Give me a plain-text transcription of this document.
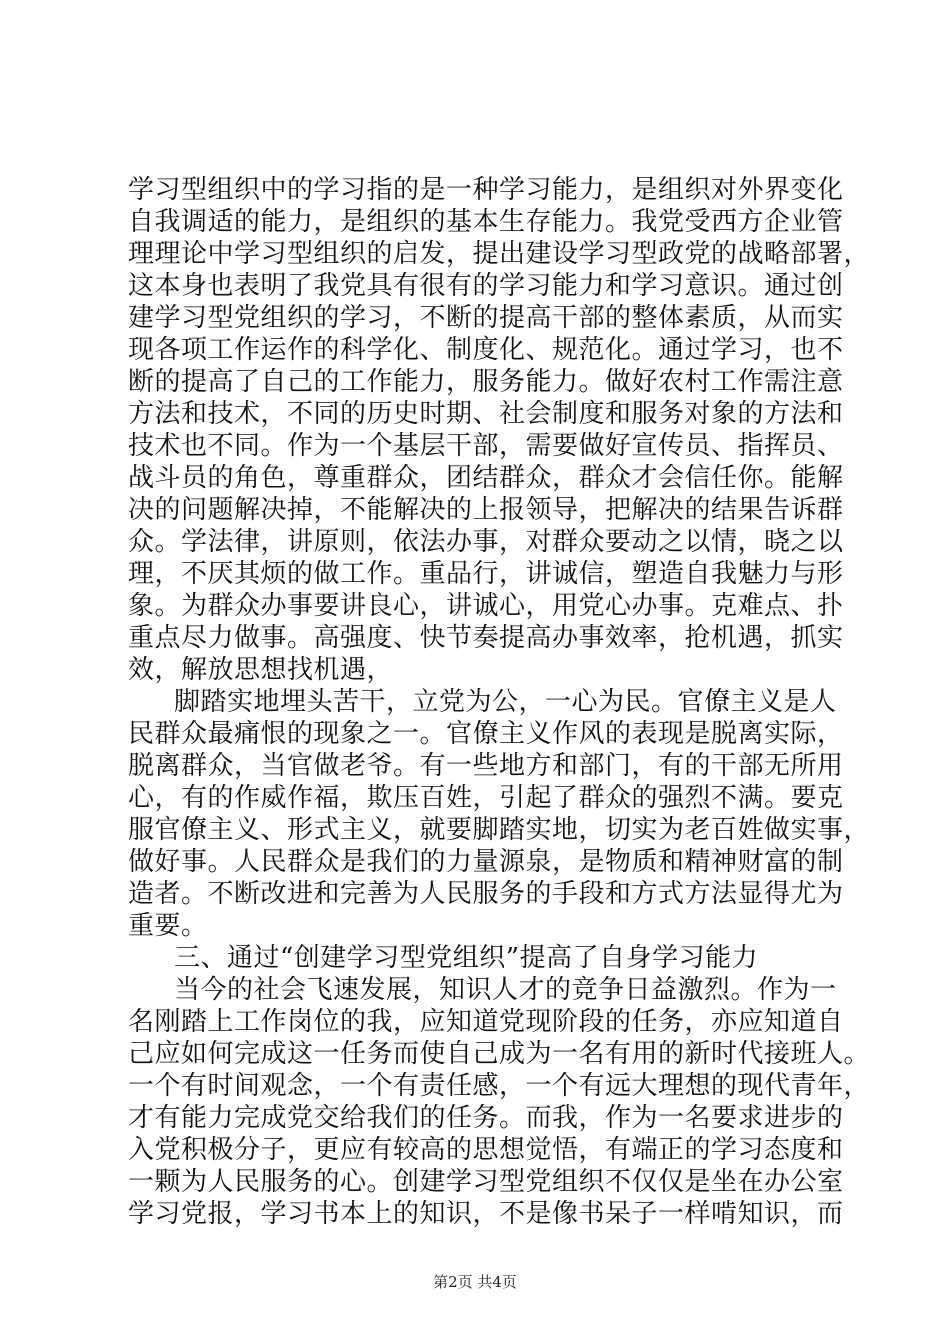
学习型组织中的学习指的是一种学习能力，是组织对外界变化
自我调适的能力，是组织的基本生存能力。我党受西方企业管
理理论中学习型组织的启发，提出建设学习型政党的战略部署，
这本身也表明了我党具有很有的学习能力和学习意识。通过创
建学习型党组织的学习，不断的提高干部的整体素质，从而实
现各项工作运作的科学化、制度化、规范化。通过学习，也不
断的提高了自己的工作能力，服务能力。做好农村工作需注意
方法和技术，不同的历史时期、社会制度和服务对象的方法和
技术也不同。作为一个基层干部，需要做好宣传员、指挥员、
战斗员的角色，尊重群众，团结群众，群众才会信任你。能解
决的问题解决掉，不能解决的上报领导，把解决的结果告诉群
众。学法律，讲原则，依法办事，对群众要动之以情，晓之以
理，不厌其烦的做工作。重品行，讲诚信，塑造自我魅力与形
象。为群众办事要讲良心，讲诚心，用党心办事。克难点、扑
重点尽力做事。高强度、快节奏提高办事效率，抢机遇，抓实
效，解放思想找机遇，
脚踏实地埋头苦干，立党为公，一心为民。官僚主义是人
民群众最痛恨的现象之一。官僚主义作风的表现是脱离实际，
脱离群众，当官做老爷。有一些地方和部门，有的干部无所用
心，有的作威作福，欺压百姓，引起了群众的强烈不满。要克
服官僚主义、形式主义，就要脚踏实地，切实为老百姓做实事，
做好事。人民群众是我们的力量源泉，是物质和精神财富的制
造者。不断改进和完善为人民服务的手段和方式方法显得尤为
重要。
三、通过“创建学习型党组织”提高了自身学习能力
当今的社会飞速发展，知识人才的竞争日益激烈。作为一
名刚踏上工作岗位的我，应知道党现阶段的任务，亦应知道自
己应如何完成这一任务而使自己成为一名有用的新时代接班人。
一个有时间观念，一个有责任感，一个有远大理想的现代青年，
才有能力完成党交给我们的任务。而我，作为一名要求进步的
入党积极分子，更应有较高的思想觉悟，有端正的学习态度和
一颗为人民服务的心。创建学习型党组织不仅仅是坐在办公室
学习党报，学习书本上的知识，不是像书呆子一样啃知识，而
第2页 共4页
